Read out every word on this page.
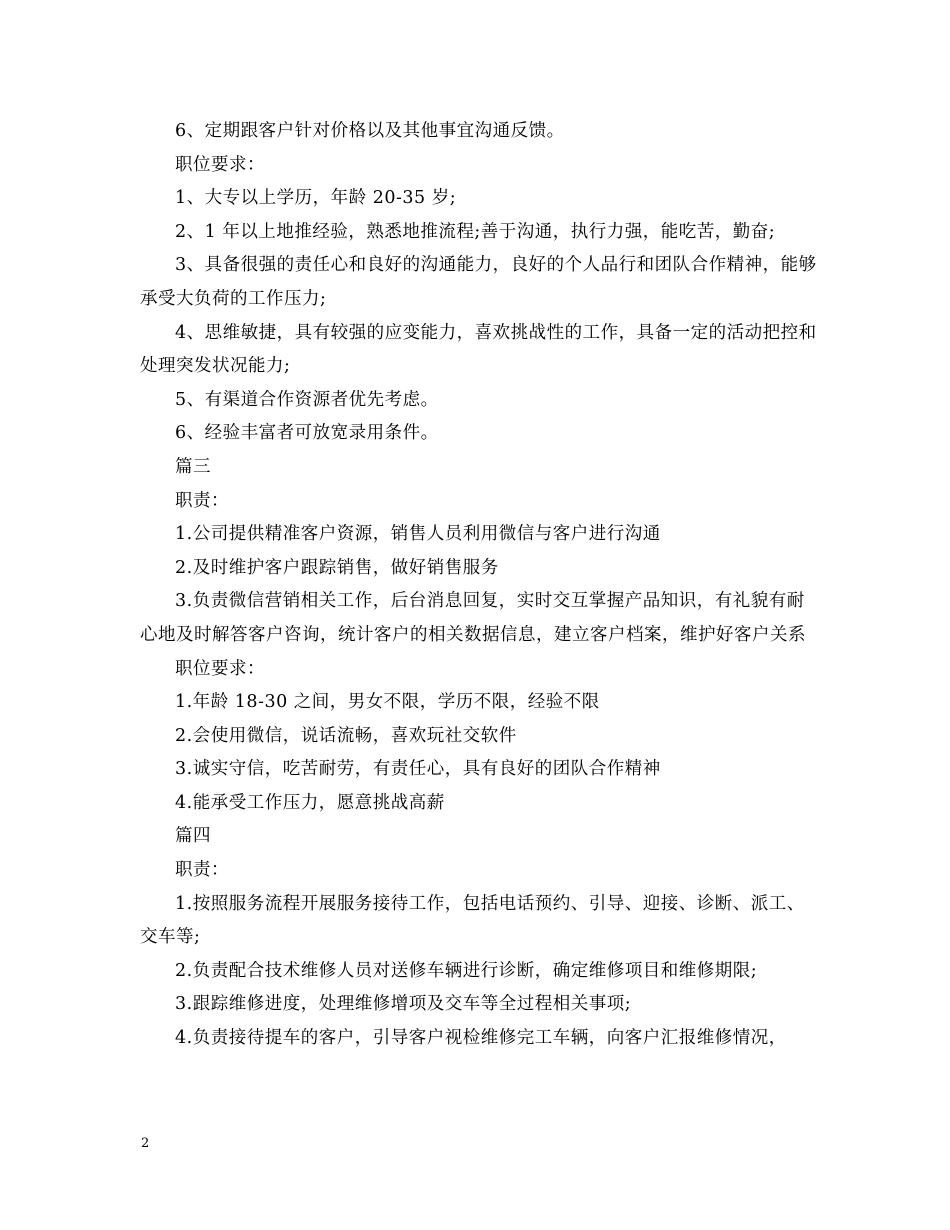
6、定期跟客户针对价格以及其他事宜沟通反馈。

职位要求：

1、大专以上学历，年龄 20-35 岁;

2、1 年以上地推经验，熟悉地推流程;善于沟通，执行力强，能吃苦，勤奋;

3、具备很强的责任心和良好的沟通能力，良好的个人品行和团队合作精神，能够承受大负荷的工作压力;

4、思维敏捷，具有较强的应变能力，喜欢挑战性的工作，具备一定的活动把控和处理突发状况能力;

5、有渠道合作资源者优先考虑。

6、经验丰富者可放宽录用条件。

篇三

职责：

1.公司提供精准客户资源，销售人员利用微信与客户进行沟通

2.及时维护客户跟踪销售，做好销售服务

3.负责微信营销相关工作，后台消息回复，实时交互掌握产品知识，有礼貌有耐心地及时解答客户咨询，统计客户的相关数据信息，建立客户档案，维护好客户关系

职位要求：

1.年龄 18-30 之间，男女不限，学历不限，经验不限

2.会使用微信，说话流畅，喜欢玩社交软件

3.诚实守信，吃苦耐劳，有责任心，具有良好的团队合作精神

4.能承受工作压力，愿意挑战高薪

篇四

职责：

1.按照服务流程开展服务接待工作，包括电话预约、引导、迎接、诊断、派工、交车等;

2.负责配合技术维修人员对送修车辆进行诊断，确定维修项目和维修期限;

3.跟踪维修进度，处理维修增项及交车等全过程相关事项;

4.负责接待提车的客户，引导客户视检维修完工车辆，向客户汇报维修情况，

2
